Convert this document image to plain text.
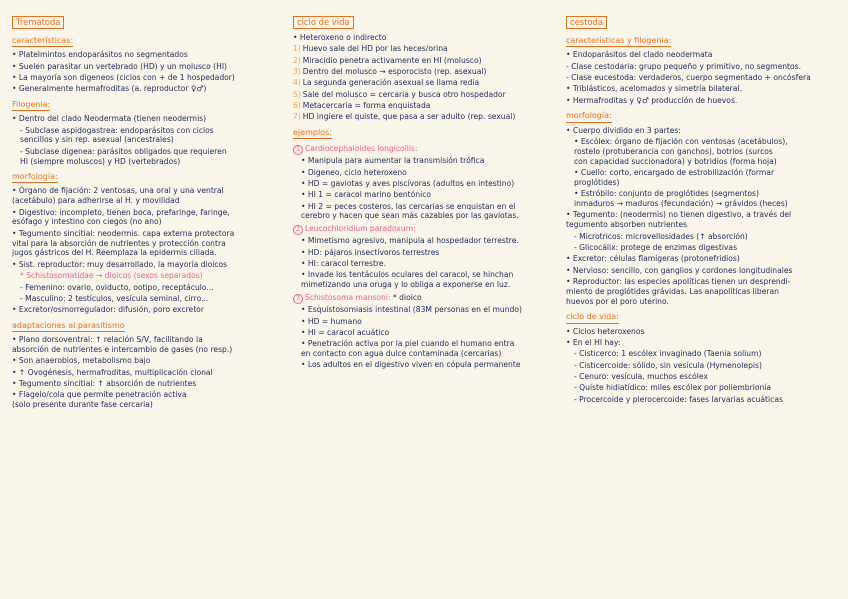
Trematoda
características:
• Platelmintos endoparásitos no segmentados
• Suelen parasitar un vertebrado (HD) y un molusco (HI)
• La mayoría son digeneos (ciclos con + de 1 hospedador)
• Generalmente hermafroditas (a. reproductor ♀♂)
Filogenia:
• Dentro del clado Neodermata (tienen neodermis)
- Subclase aspidogastrea: endoparásitos con ciclos
sencillos y sin rep. asexual (ancestrales)
- Subclase digenea: parásitos obligados que requieren
HI (siempre moluscos) y HD (vertebrados)
morfología:
• Órgano de fijación: 2 ventosas, una oral y una ventral
(acetábulo) para adherirse al H. y movilidad
• Digestivo: incompleto, tienen boca, prefaringe, faringe,
esófago y intestino con ciegos (no ano)
• Tegumento sincitial: neodermis. capa externa protectora
vital para la absorción de nutrientes y protección contra
jugos gástricos del H. Reemplaza la epidermis ciliada.
• Sist. reproductor: muy desarrollado, la mayoría dioicos
* Schistosomatidae → dioicos (sexos separados)
- Femenino: ovario, oviducto, ootipo, receptáculo...
- Masculino: 2 testículos, vesícula seminal, cirro...
• Excretor/osmorregulador: difusión, poro excretor
adaptaciones al parasitismo
• Plano dorsoventral: ↑ relación S/V, facilitando la
absorción de nutrientes e intercambio de gases (no resp.)
• Son anaerobios, metabolismo bajo
• ↑ Ovogénesis, hermafroditas, multiplicación clonal
• Tegumento sincitial: ↑ absorción de nutrientes
• Flagelo/cola que permite penetración activa
(solo presente durante fase cercaria)
ciclo de vida

• Heteroxeno o indirecto
1) Huevo sale del HD por las heces/orina
2) Miracidio penetra activamente en HI (molusco)
3) Dentro del molusco → esporocisto (rep. asexual)
4) La segunda generación asexual se llama redia
5) Sale del molusco = cercaria y busca otro hospedador
6) Metacercaria = forma enquistada
7) HD ingiere el quiste, que pasa a ser adulto (rep. sexual)
ejemplos:
1 Cardiocephaloides longicollis:
• Manipula para aumentar la transmisión trófica
• Digeneo, ciclo heteroxeno
• HD = gaviotas y aves piscívoras (adultos en intestino)
• HI 1 = caracol marino bentónico
• HI 2 = peces costeros, las cercarias se enquistan en el
cerebro y hacen que sean más cazables por las gaviotas.
2 Leucochloridium paradoxum:
• Mimetismo agresivo, manipula al hospedador terrestre.
• HD: pájaros insectívoros terrestres
• HI: caracol terrestre.
• Invade los tentáculos oculares del caracol, se hinchan
mimetizando una oruga y lo obliga a exponerse en luz.
3 Schistosoma mansoni: * dioico
• Esquistosomiasis intestinal (83M personas en el mundo)
• HD = humano
• HI = caracol acuático
• Penetración activa por la piel cuando el humano entra
en contacto con agua dulce contaminada (cercarias)
• Los adultos en el digestivo viven en cópula permanente
cestoda
características y filogenia:
• Endoparásitos del clado neodermata
- Clase cestodaria: grupo pequeño y primitivo, no segmentos.
- Clase eucestoda: verdaderos, cuerpo segmentado + oncósfera
• Triblásticos, acelomados y simetría bilateral.
• Hermafroditas y ♀♂ producción de huevos.
morfología:
• Cuerpo dividido en 3 partes:
• Escólex: órgano de fijación con ventosas (acetábulos),
rostelo (protuberancia con ganchos), botrios (surcos
con capacidad succionadora) y botridios (forma hoja)
• Cuello: corto, encargado de estrobilización (formar
proglótides)
• Estróbilo: conjunto de proglótides (segmentos)
inmaduros → maduros (fecundación) → grávidos (heces)
• Tegumento: (neodermis) no tienen digestivo, a través del
tegumento absorben nutrientes
- Microtricos: microvellosidades (↑ absorción)
- Glicocálix: protege de enzimas digestivas
• Excretor: células flamígeras (protonefridios)
• Nervioso: sencillo, con ganglios y cordones longitudinales
• Reproductor: las especies apolíticas tienen un desprendi-
miento de proglótides grávidas. Las anapolíticas liberan
huevos por el poro uterino.
ciclo de vida:
• Ciclos heteroxenos
• En el HI hay:
- Cisticerco: 1 escólex invaginado (Taenia solium)
- Cisticercoide: sólido, sin vesícula (Hymenolepis)
- Cenuro: vesícula, muchos escólex
- Quiste hidiatídico: miles escólex por poliembrionía
- Procercoide y plerocercoide: fases larvarias acuáticas
